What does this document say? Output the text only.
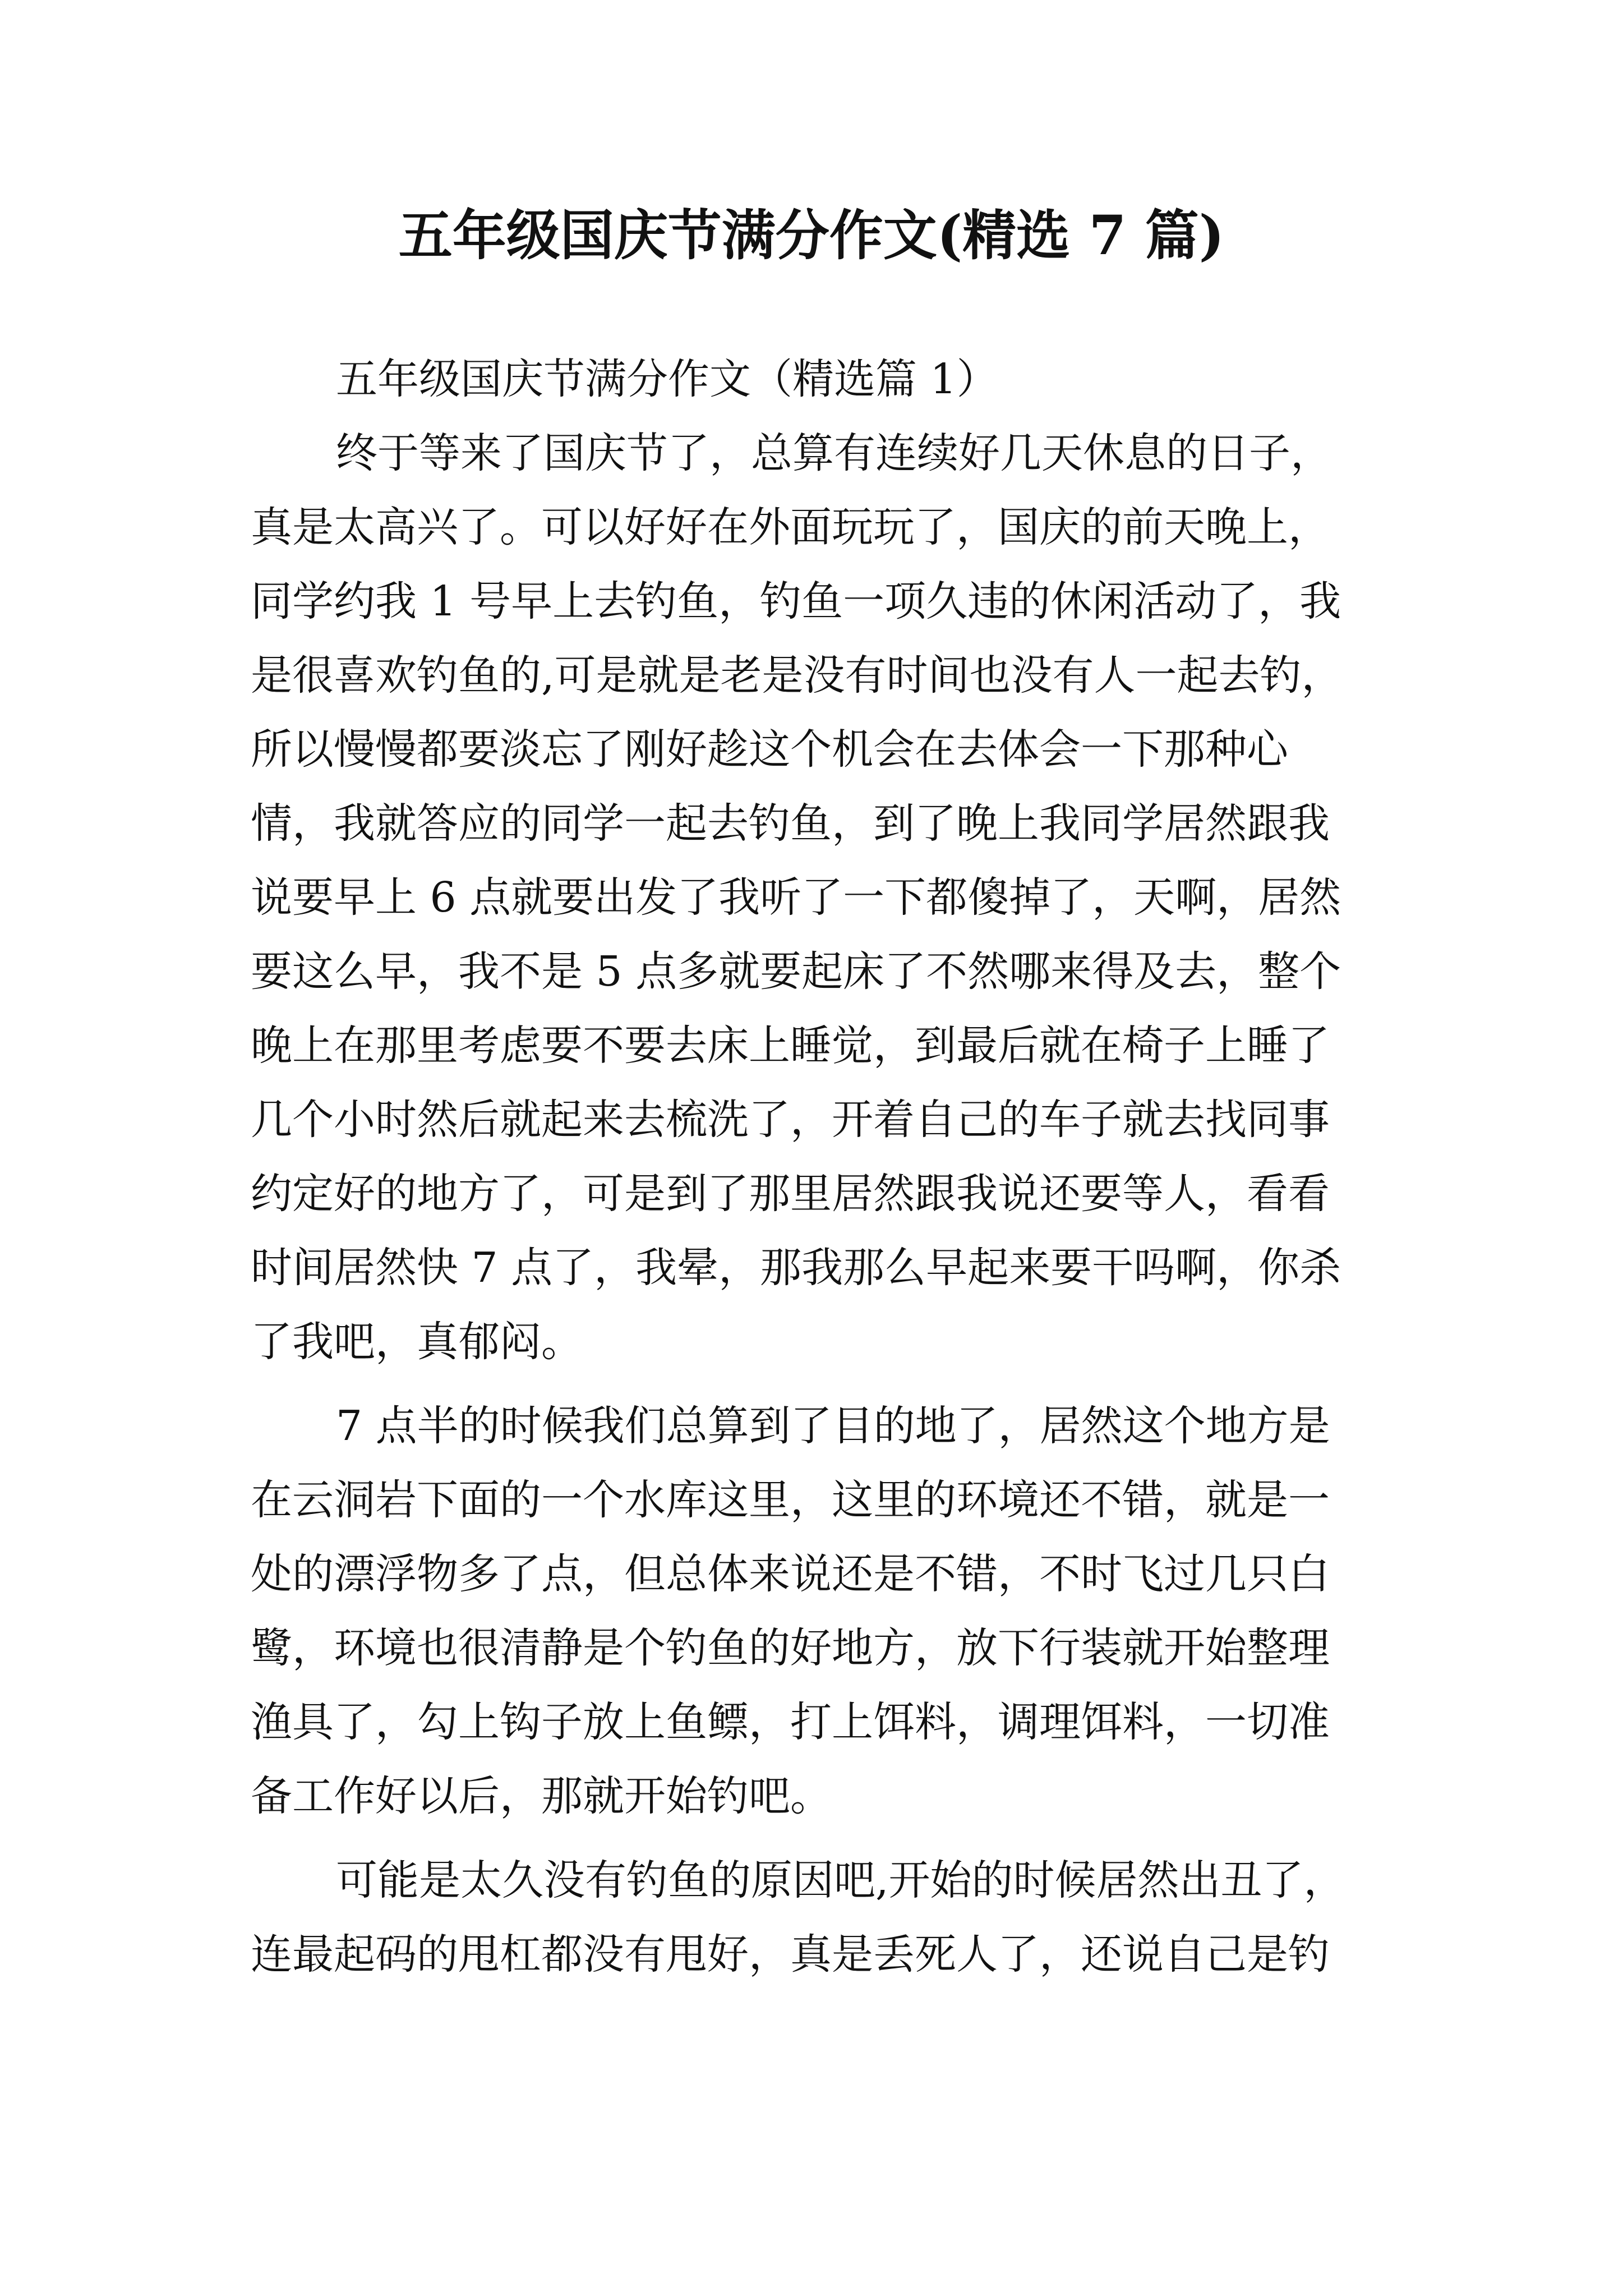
五年级国庆节满分作文(精选 7 篇)
五年级国庆节满分作文（精选篇 1）
终于等来了国庆节了，总算有连续好几天休息的日子，
真是太高兴了。可以好好在外面玩玩了，国庆的前天晚上，
同学约我 1 号早上去钓鱼，钓鱼一项久违的休闲活动了，我
是很喜欢钓鱼的,可是就是老是没有时间也没有人一起去钓，
所以慢慢都要淡忘了刚好趁这个机会在去体会一下那种心
情，我就答应的同学一起去钓鱼，到了晚上我同学居然跟我
说要早上 6 点就要出发了我听了一下都傻掉了，天啊，居然
要这么早，我不是 5 点多就要起床了不然哪来得及去，整个
晚上在那里考虑要不要去床上睡觉，到最后就在椅子上睡了
几个小时然后就起来去梳洗了，开着自己的车子就去找同事
约定好的地方了，可是到了那里居然跟我说还要等人，看看
时间居然快 7 点了，我晕，那我那么早起来要干吗啊，你杀
了我吧，真郁闷。
7 点半的时候我们总算到了目的地了，居然这个地方是
在云洞岩下面的一个水库这里，这里的环境还不错，就是一
处的漂浮物多了点，但总体来说还是不错，不时飞过几只白
鹭，环境也很清静是个钓鱼的好地方，放下行装就开始整理
渔具了，勾上钩子放上鱼鳔，打上饵料，调理饵料，一切准
备工作好以后，那就开始钓吧。
可能是太久没有钓鱼的原因吧,开始的时候居然出丑了，
连最起码的甩杠都没有甩好，真是丢死人了，还说自己是钓
